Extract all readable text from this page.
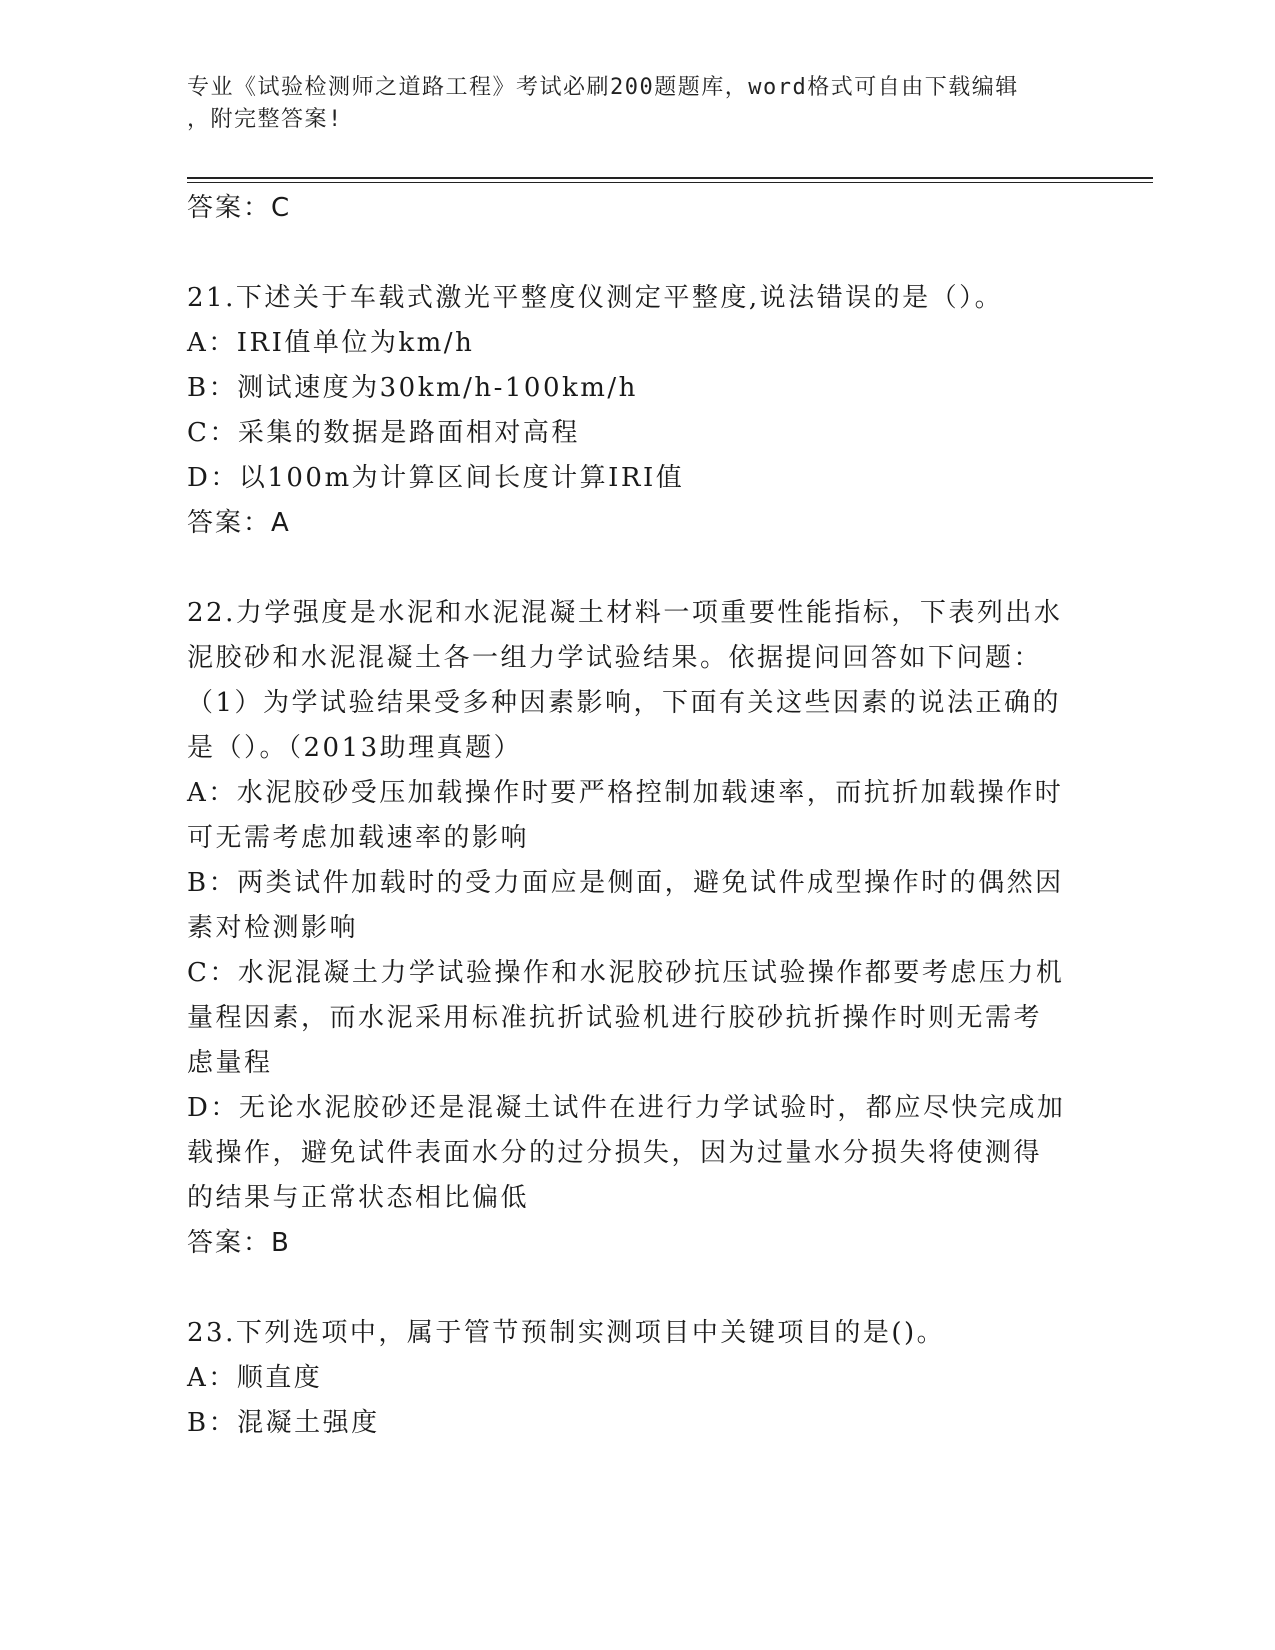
专业《试验检测师之道路工程》考试必刷200题题库，word格式可自由下载编辑
，附完整答案!
答案：C
21.下述关于车载式激光平整度仪测定平整度,说法错误的是（）。
A：IRI值单位为km/h
B：测试速度为30km/h-100km/h
C：采集的数据是路面相对高程
D：以100m为计算区间长度计算IRI值
答案：A
22.力学强度是水泥和水泥混凝土材料一项重要性能指标，下表列出水
泥胶砂和水泥混凝土各一组力学试验结果。依据提问回答如下问题：
（1）为学试验结果受多种因素影响，下面有关这些因素的说法正确的
是（）。（2013助理真题）
A：水泥胶砂受压加载操作时要严格控制加载速率，而抗折加载操作时
可无需考虑加载速率的影响
B：两类试件加载时的受力面应是侧面，避免试件成型操作时的偶然因
素对检测影响
C：水泥混凝土力学试验操作和水泥胶砂抗压试验操作都要考虑压力机
量程因素，而水泥采用标准抗折试验机进行胶砂抗折操作时则无需考
虑量程
D：无论水泥胶砂还是混凝土试件在进行力学试验时，都应尽快完成加
载操作，避免试件表面水分的过分损失，因为过量水分损失将使测得
的结果与正常状态相比偏低
答案：B
23.下列选项中，属于管节预制实测项目中关键项目的是()。
A：顺直度
B：混凝土强度
